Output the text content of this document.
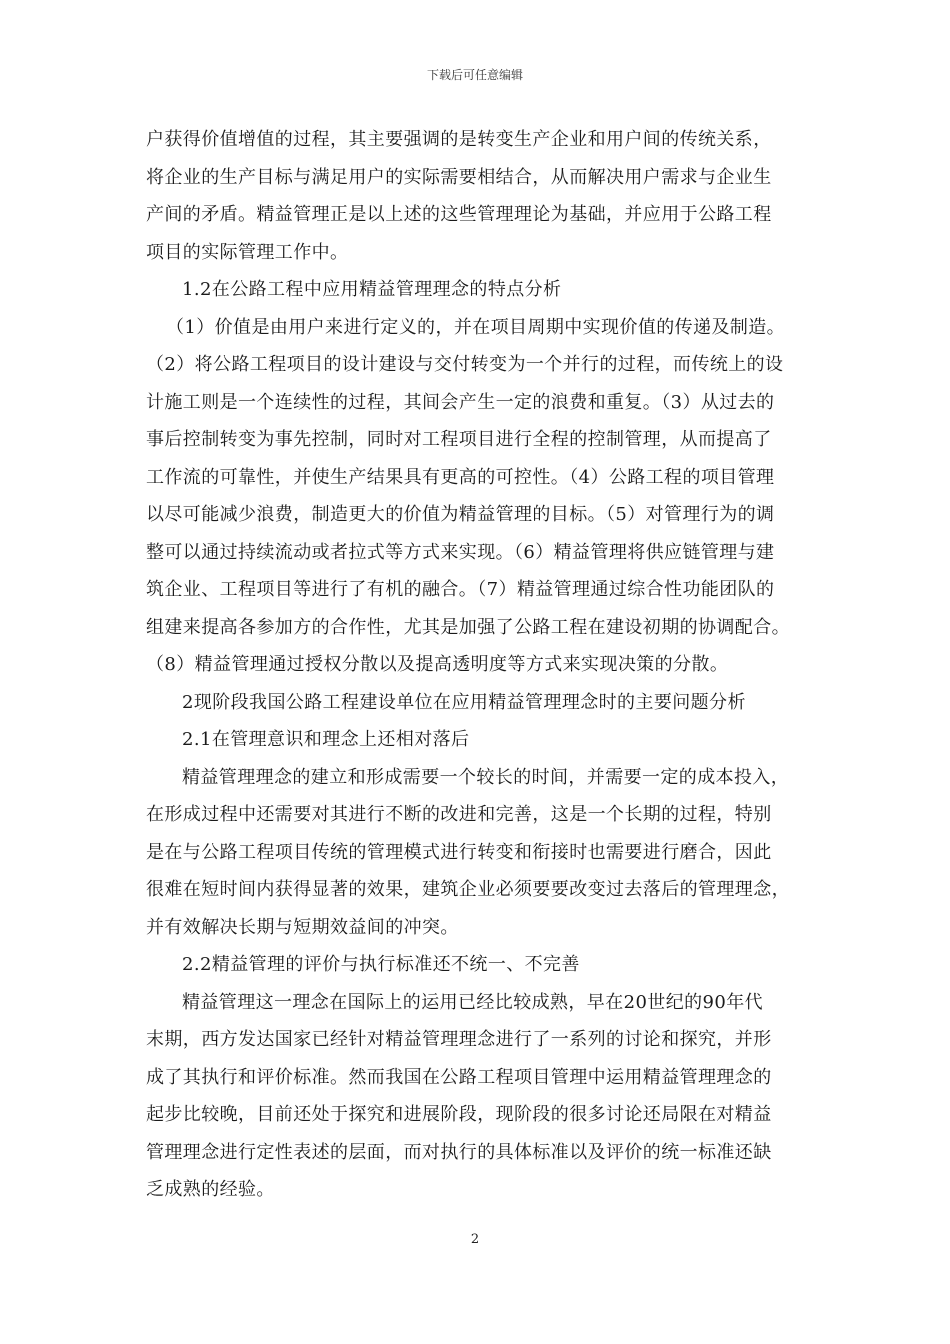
下载后可任意编辑
户获得价值增值的过程，其主要强调的是转变生产企业和用户间的传统关系，
将企业的生产目标与满足用户的实际需要相结合，从而解决用户需求与企业生
产间的矛盾。精益管理正是以上述的这些管理理论为基础，并应用于公路工程
项目的实际管理工作中。
1.2在公路工程中应用精益管理理念的特点分析
（1）价值是由用户来进行定义的，并在项目周期中实现价值的传递及制造。
（2）将公路工程项目的设计建设与交付转变为一个并行的过程，而传统上的设
计施工则是一个连续性的过程，其间会产生一定的浪费和重复。（3）从过去的
事后控制转变为事先控制，同时对工程项目进行全程的控制管理，从而提高了
工作流的可靠性，并使生产结果具有更高的可控性。（4）公路工程的项目管理
以尽可能减少浪费，制造更大的价值为精益管理的目标。（5）对管理行为的调
整可以通过持续流动或者拉式等方式来实现。（6）精益管理将供应链管理与建
筑企业、工程项目等进行了有机的融合。（7）精益管理通过综合性功能团队的
组建来提高各参加方的合作性，尤其是加强了公路工程在建设初期的协调配合。
（8）精益管理通过授权分散以及提高透明度等方式来实现决策的分散。
2现阶段我国公路工程建设单位在应用精益管理理念时的主要问题分析
2.1在管理意识和理念上还相对落后
精益管理理念的建立和形成需要一个较长的时间，并需要一定的成本投入，
在形成过程中还需要对其进行不断的改进和完善，这是一个长期的过程，特别
是在与公路工程项目传统的管理模式进行转变和衔接时也需要进行磨合，因此
很难在短时间内获得显著的效果，建筑企业必须要要改变过去落后的管理理念，
并有效解决长期与短期效益间的冲突。
2.2精益管理的评价与执行标准还不统一、不完善
精益管理这一理念在国际上的运用已经比较成熟，早在20世纪的90年代
末期，西方发达国家已经针对精益管理理念进行了一系列的讨论和探究，并形
成了其执行和评价标准。然而我国在公路工程项目管理中运用精益管理理念的
起步比较晚，目前还处于探究和进展阶段，现阶段的很多讨论还局限在对精益
管理理念进行定性表述的层面，而对执行的具体标准以及评价的统一标准还缺
乏成熟的经验。
2
